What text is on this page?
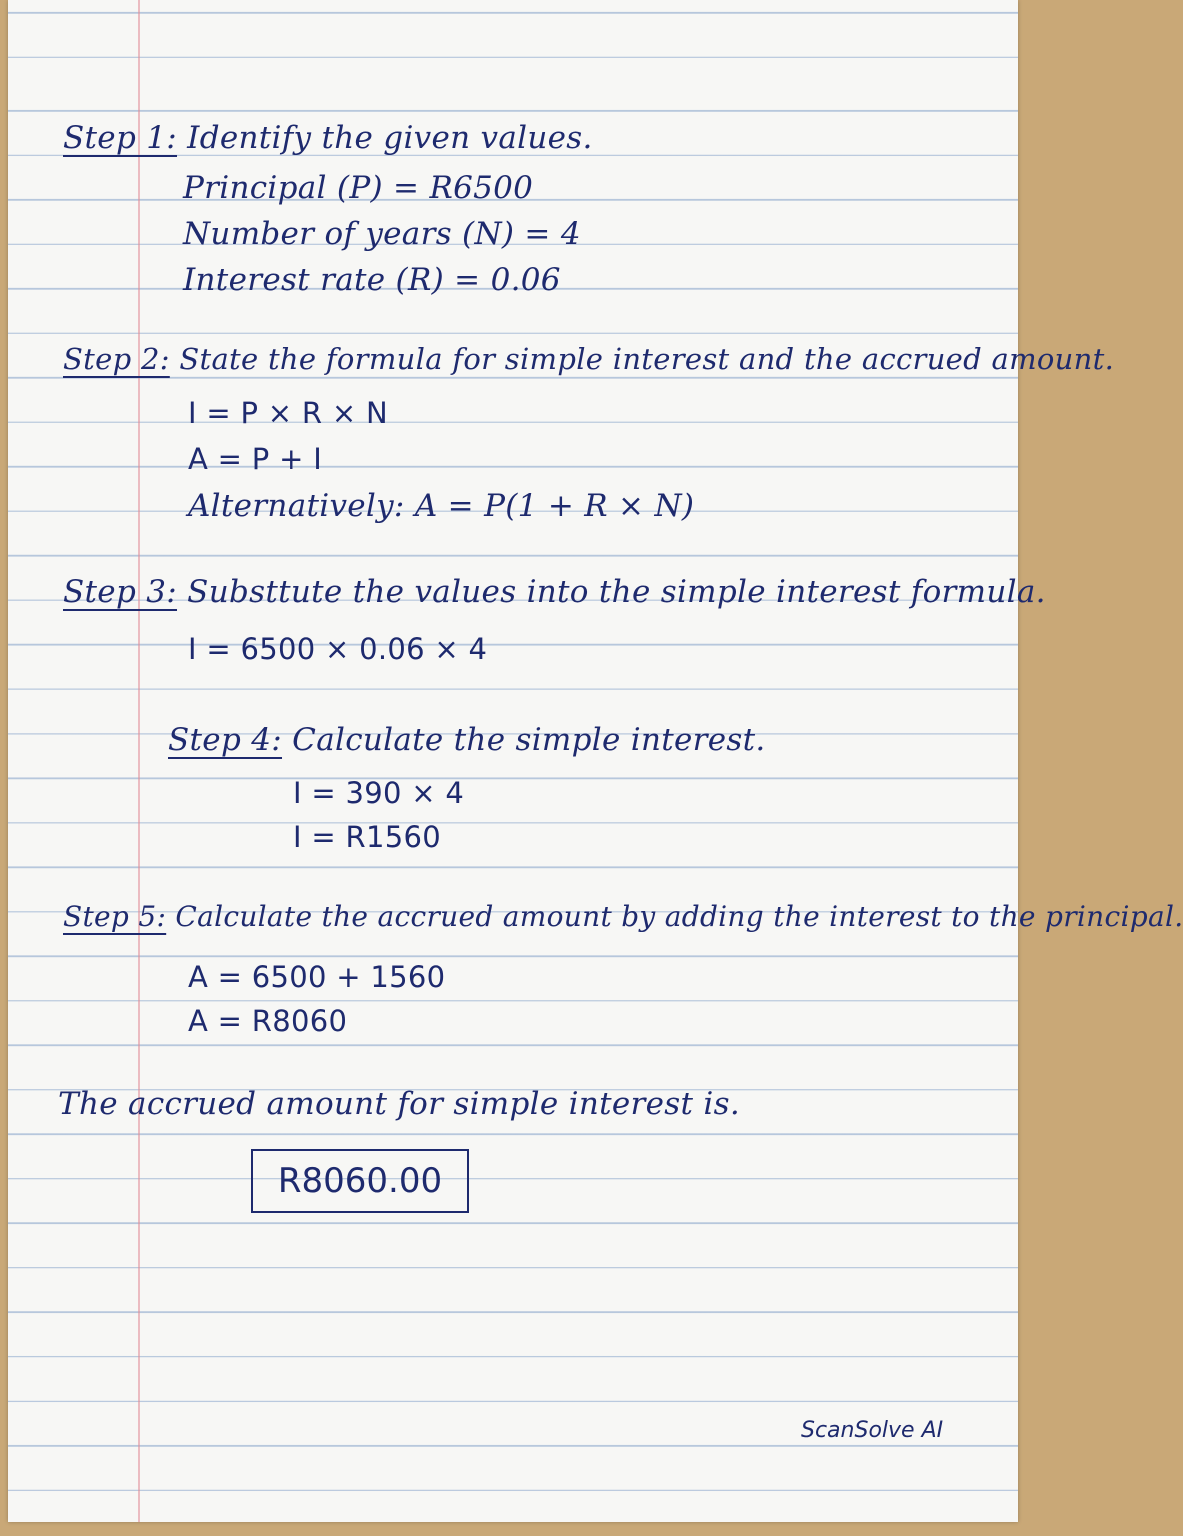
Step 1: Identify the given values.
Principal (P) = R6500
Number of years (N) = 4
Interest rate (R) = 0.06
Step 2: State the formula for simple interest and the accrued amount.
I = P × R × N
A = P + I
Alternatively: A = P(1 + R × N)
Step 3: Substtute the values into the simple interest formula.
I = 6500 × 0.06 × 4
Step 4: Calculate the simple interest.
I = 390 × 4
I = R1560
Step 5: Calculate the accrued amount by adding the interest to the principal.
A = 6500 + 1560
A = R8060
The accrued amount for simple interest is.
R8060.00
ScanSolve AI
